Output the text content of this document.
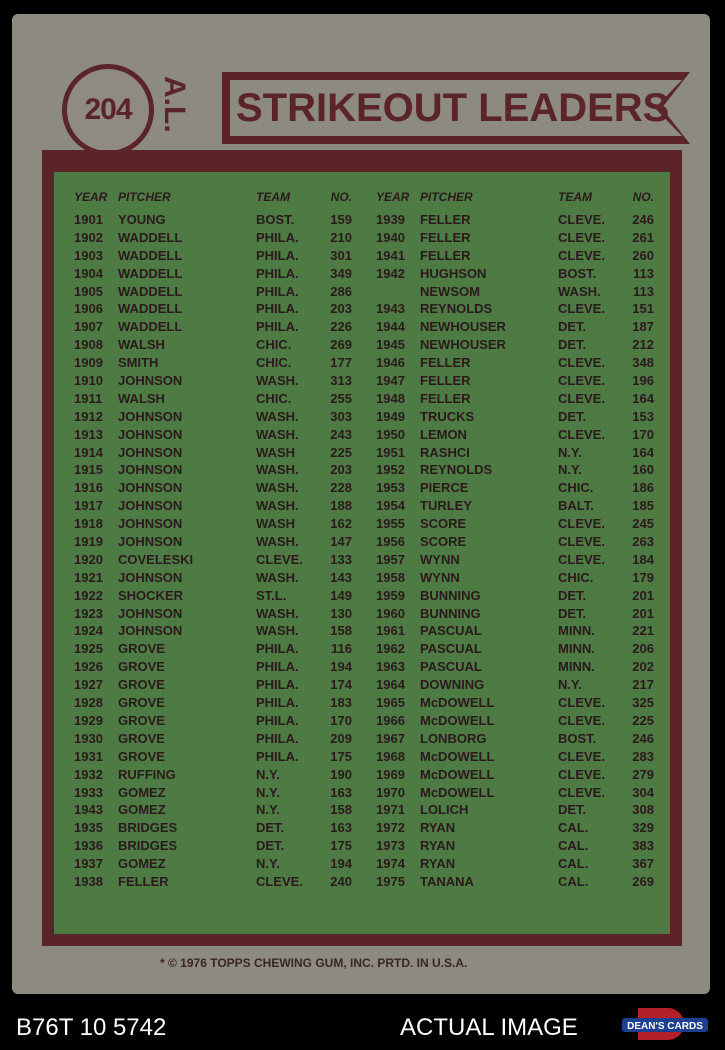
204 A.L. STRIKEOUT LEADERS
YEAR PITCHER	TEAM	NO.
1901 YOUNG	BOST.	159
1902 WADDELL	PHILA. 210
1903 WADDELL	PHILA. 301
1904 WADDELL	PHILA. 349
1905 WADDELL	PHILA. 286
1906 WADDELL	PHILA. 203
1907 WADDELL	PHILA. 226
1908 WALSH	CHIC.	269
1909 SMITH	CHIC.	177
1910 JOHNSON	WASH. 313
1911 WALSH	CHIC.	255
1912 JOHNSON	WASH. 303
1913 JOHNSON	WASH. 243
1914 JOHNSON	WASH	225
1915 JOHNSON	WASH. 203
1916 JOHNSON	WASH. 228
1917 JOHNSON	WASH. 188
1918 JOHNSON	WASH	162
1919 JOHNSON	WASH. 147
1920 COVELESKI	CLEVE. 133
1921 JOHNSON	WASH. 143
1922 SHOCKER	ST.L.	149
1923 JOHNSON	WASH. 130
1924 JOHNSON	WASH. 158
1925 GROVE	PHILA. 116
1926 GROVE	PHILA. 194
1927 GROVE	PHILA. 174
1928 GROVE	PHILA. 183
1929 GROVE	PHILA. 170
1930 GROVE	PHILA. 209
1931 GROVE	PHILA. 175
1932 RUFFING	N.Y.	190
1933 GOMEZ	N.Y.	163
1943 GOMEZ	N.Y.	158
1935 BRIDGES	DET.	163
1936 BRIDGES	DET.	175
1937 GOMEZ	N.Y.	194
1938 FELLER	CLEVE. 240
YEAR PITCHER	TEAM	NO.
1939 FELLER	CLEVE. 246
1940 FELLER	CLEVE. 261
1941 FELLER	CLEVE. 260
1942 HUGHSON	BOST.	113
NEWSOM	WASH. 113
1943 REYNOLDS	CLEVE. 151
1944 NEWHOUSER	DET.	187
1945 NEWHOUSER	DET.	212
1946 FELLER	CLEVE. 348
1947 FELLER	CLEVE. 196
1948 FELLER	CLEVE. 164
1949 TRUCKS	DET.	153
1950 LEMON	CLEVE. 170
1951 RASHCI	N.Y.	164
1952 REYNOLDS	N.Y.	160
1953 PIERCE	CHIC.	186
1954 TURLEY	BALT.	185
1955 SCORE	CLEVE. 245
1956 SCORE	CLEVE. 263
1957 WYNN	CLEVE. 184
1958 WYNN	CHIC.	179
1959 BUNNING	DET.	201
1960 BUNNING	DET.	201
1961 PASCUAL	MINN.	221
1962 PASCUAL	MINN.	206
1963 PASCUAL	MINN.	202
1964 DOWNING	N.Y.	217
1965 McDOWELL	CLEVE. 325
1966 McDOWELL	CLEVE. 225
1967 LONBORG	BOST.	246
1968 McDOWELL	CLEVE. 283
1969 McDOWELL	CLEVE. 279
1970 McDOWELL	CLEVE. 304
1971 LOLICH	DET.	308
1972 RYAN	CAL.	329
1973 RYAN	CAL.	383
1974 RYAN	CAL.	367
1975 TANANA	CAL.	269
* © 1976 TOPPS CHEWING GUM, INC. PRTD. IN U.S.A.
B76T 10 5742	ACTUAL IMAGE	DEAN'S CARDS
